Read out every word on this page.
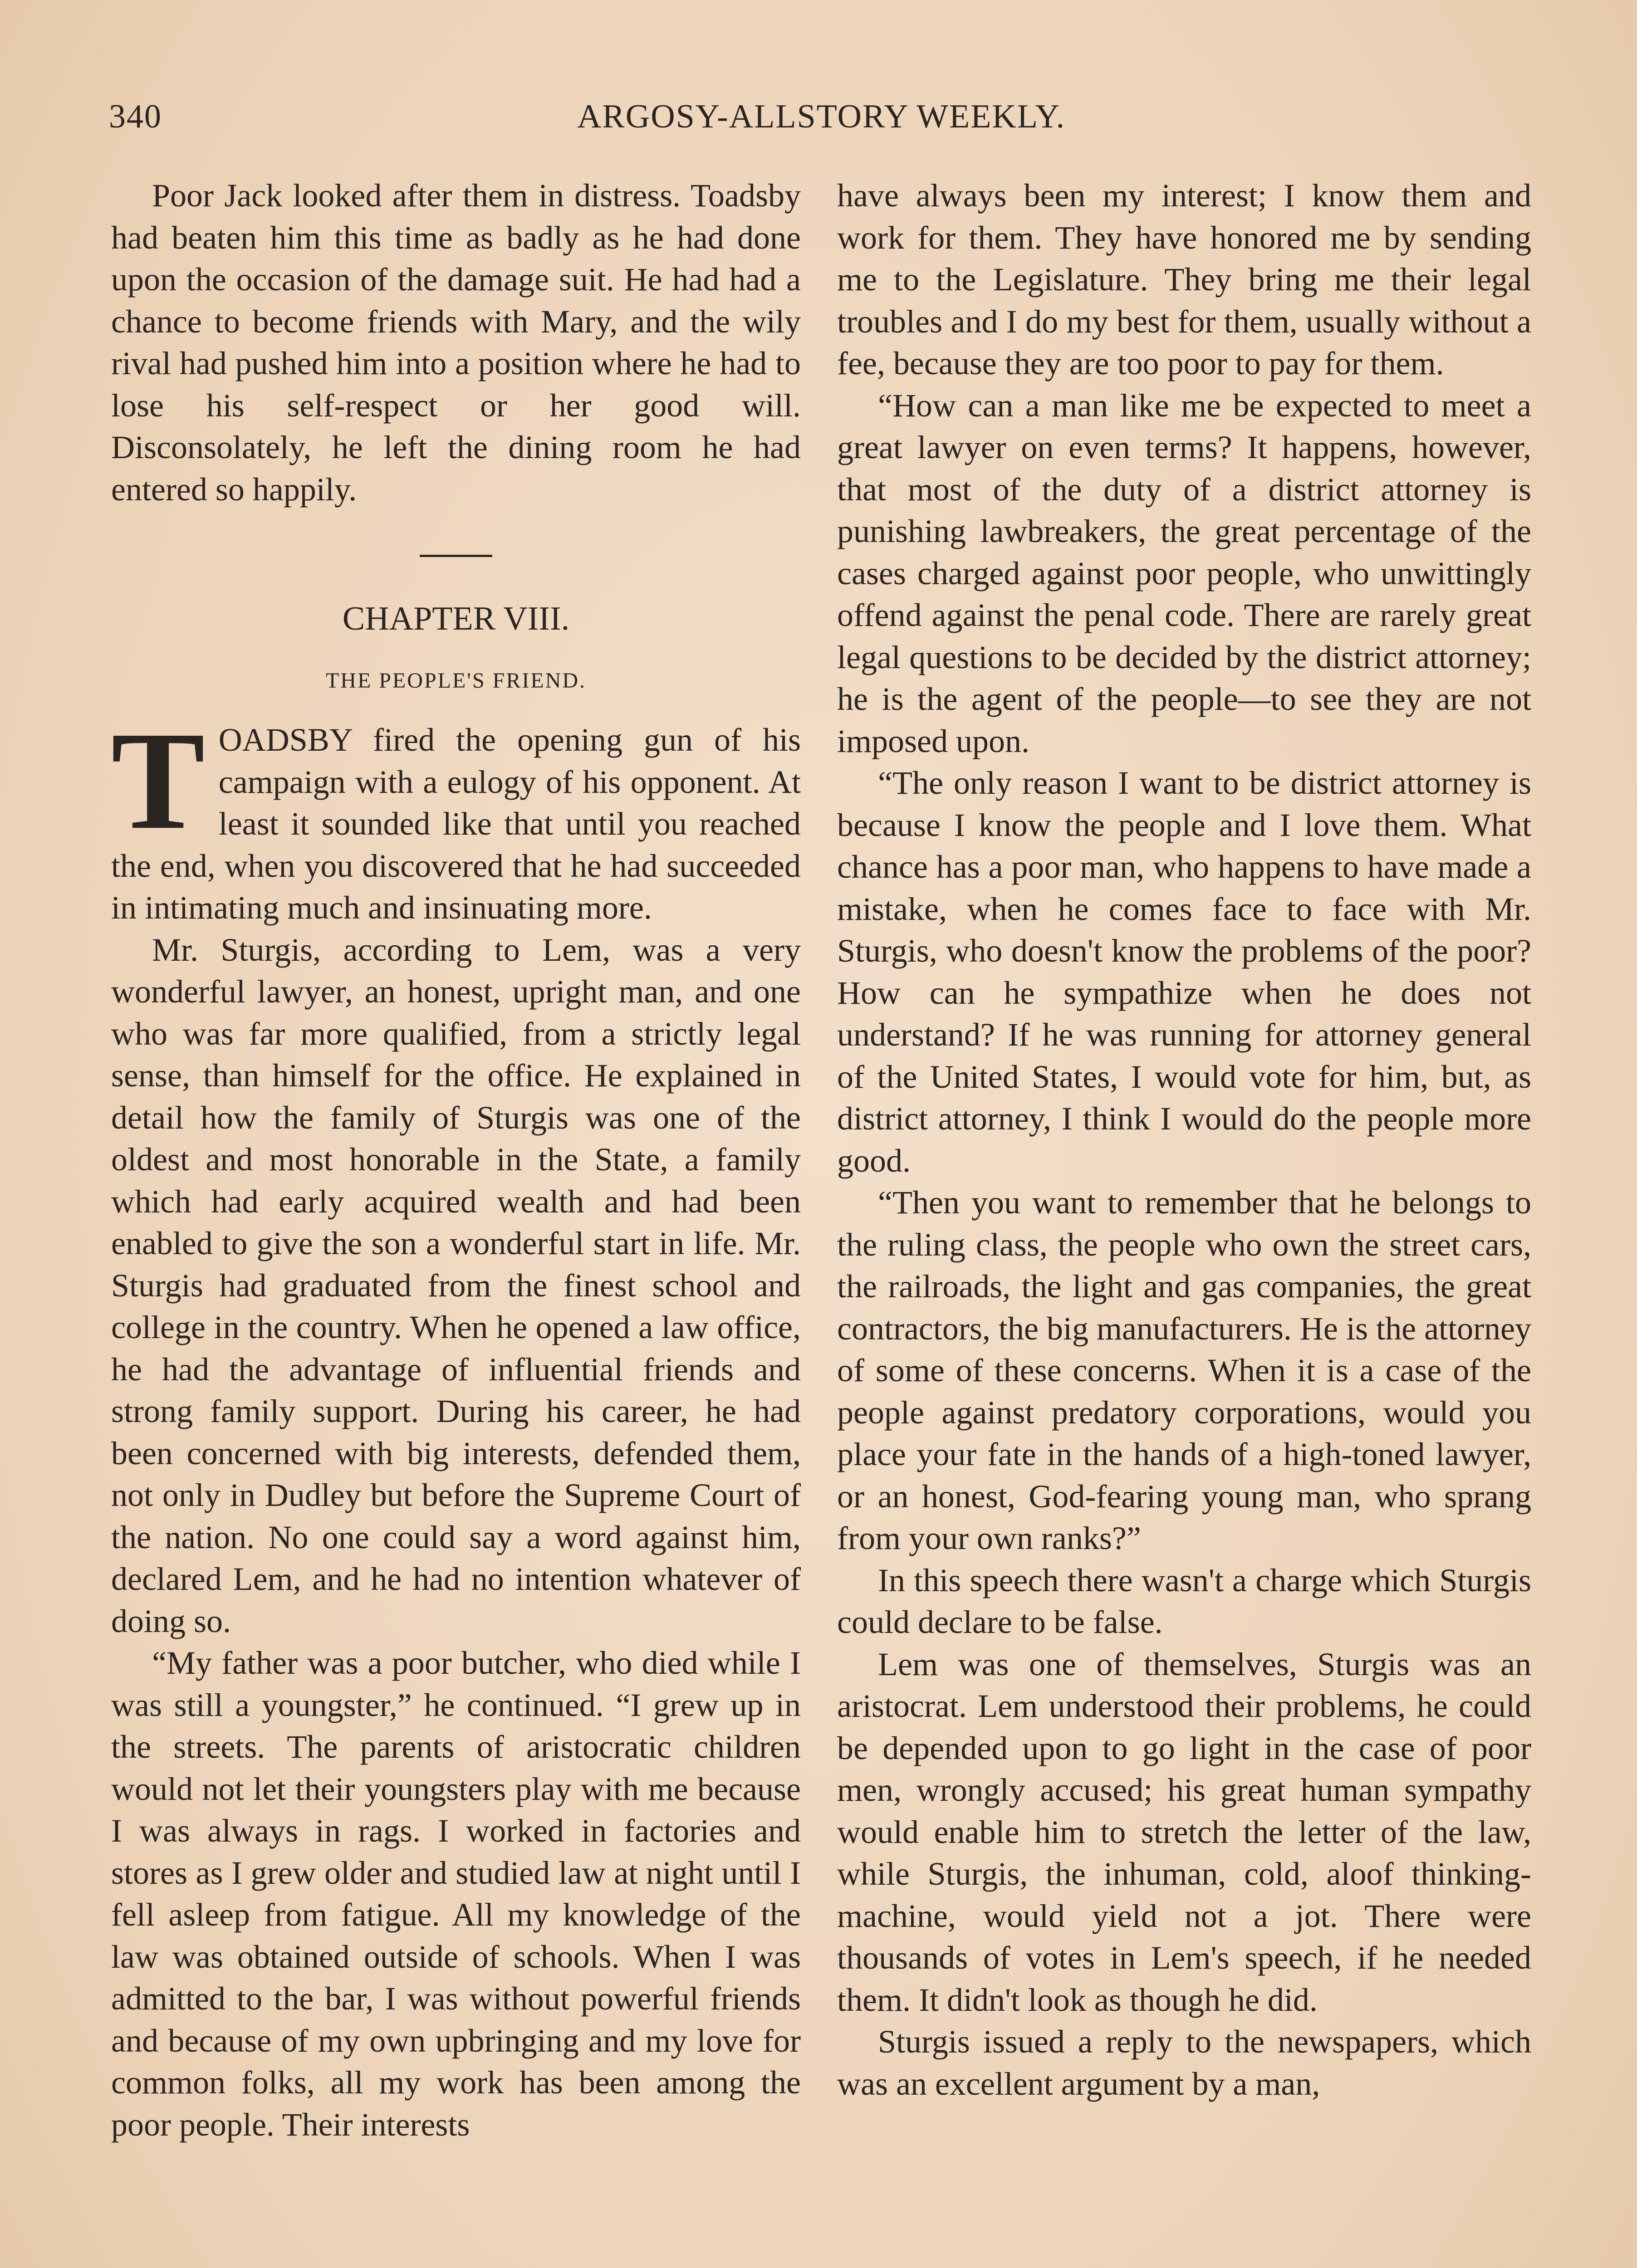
340	ARGOSY-ALLSTORY WEEKLY.

Poor Jack looked after them in distress. Toadsby had beaten him this time as badly as he had done upon the occasion of the damage suit. He had had a chance to become friends with Mary, and the wily rival had pushed him into a position where he had to lose his self-respect or her good will. Disconsolately, he left the dining room he had entered so happily.

CHAPTER VIII.
THE PEOPLE'S FRIEND.

TOADSBY fired the opening gun of his campaign with a eulogy of his opponent. At least it sounded like that until you reached the end, when you discovered that he had succeeded in intimating much and insinuating more.

Mr. Sturgis, according to Lem, was a very wonderful lawyer, an honest, upright man, and one who was far more qualified, from a strictly legal sense, than himself for the office. He explained in detail how the family of Sturgis was one of the oldest and most honorable in the State, a family which had early acquired wealth and had been enabled to give the son a wonderful start in life. Mr. Sturgis had graduated from the finest school and college in the country. When he opened a law office, he had the advantage of influential friends and strong family support. During his career, he had been concerned with big interests, defended them, not only in Dudley but before the Supreme Court of the nation. No one could say a word against him, declared Lem, and he had no intention whatever of doing so.

“My father was a poor butcher, who died while I was still a youngster,” he continued. “I grew up in the streets. The parents of aristocratic children would not let their youngsters play with me because I was always in rags. I worked in factories and stores as I grew older and studied law at night until I fell asleep from fatigue. All my knowledge of the law was obtained outside of schools. When I was admitted to the bar, I was without powerful friends and because of my own upbringing and my love for common folks, all my work has been among the poor people. Their interests

have always been my interest; I know them and work for them. They have honored me by sending me to the Legislature. They bring me their legal troubles and I do my best for them, usually without a fee, because they are too poor to pay for them.

“How can a man like me be expected to meet a great lawyer on even terms? It happens, however, that most of the duty of a district attorney is punishing lawbreakers, the great percentage of the cases charged against poor people, who unwittingly offend against the penal code. There are rarely great legal questions to be decided by the district attorney; he is the agent of the people—to see they are not imposed upon.

“The only reason I want to be district attorney is because I know the people and I love them. What chance has a poor man, who happens to have made a mistake, when he comes face to face with Mr. Sturgis, who doesn't know the problems of the poor? How can he sympathize when he does not understand? If he was running for attorney general of the United States, I would vote for him, but, as district attorney, I think I would do the people more good.

“Then you want to remember that he belongs to the ruling class, the people who own the street cars, the railroads, the light and gas companies, the great contractors, the big manufacturers. He is the attorney of some of these concerns. When it is a case of the people against predatory corporations, would you place your fate in the hands of a high-toned lawyer, or an honest, God-fearing young man, who sprang from your own ranks?”

In this speech there wasn't a charge which Sturgis could declare to be false.

Lem was one of themselves, Sturgis was an aristocrat. Lem understood their problems, he could be depended upon to go light in the case of poor men, wrongly accused; his great human sympathy would enable him to stretch the letter of the law, while Sturgis, the inhuman, cold, aloof thinking-machine, would yield not a jot. There were thousands of votes in Lem's speech, if he needed them. It didn't look as though he did.

Sturgis issued a reply to the newspapers, which was an excellent argument by a man,
